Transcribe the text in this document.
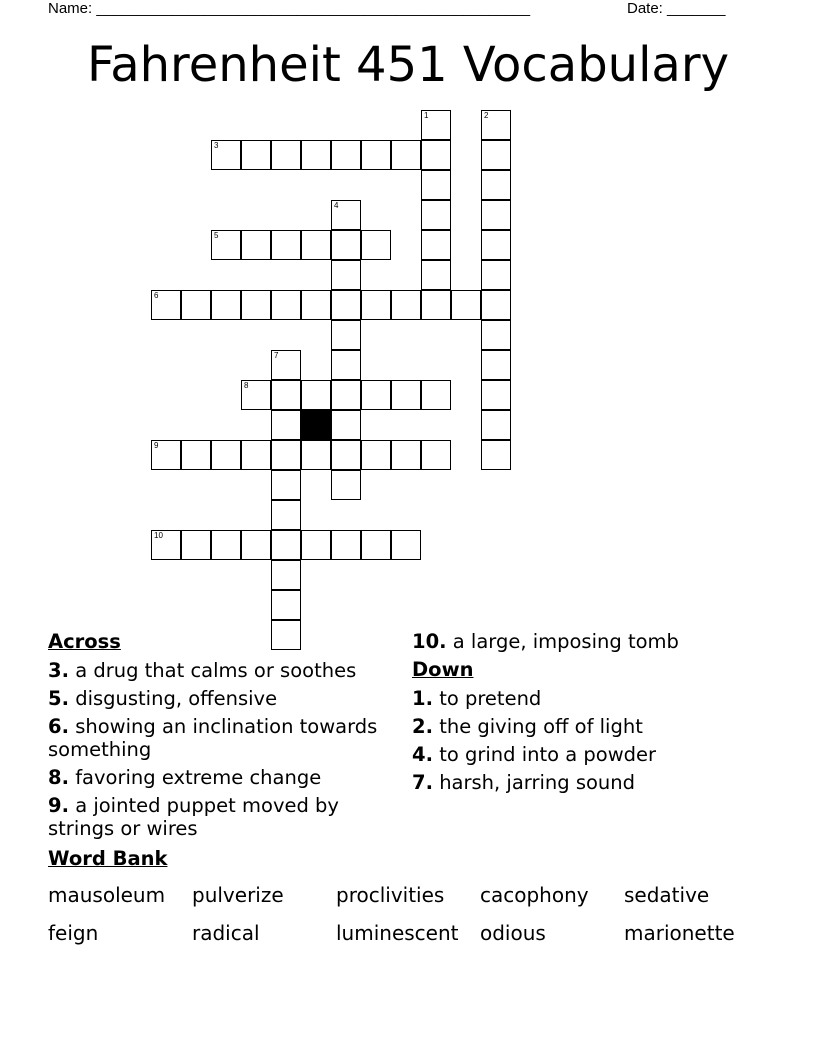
Name: ____________________________________________________	Date: _______
Fahrenheit 451 Vocabulary
1	2
3
4
5
6
7
8
9
10
Across
3. a drug that calms or soothes
5. disgusting, offensive
6. showing an inclination towards something
8. favoring extreme change
9. a jointed puppet moved by strings or wires
10. a large, imposing tomb
Down
1. to pretend
2. the giving off of light
4. to grind into a powder
7. harsh, jarring sound
Word Bank
mausoleum pulverize	proclivities cacophony sedative
feign	radical	luminescent odious	marionette
